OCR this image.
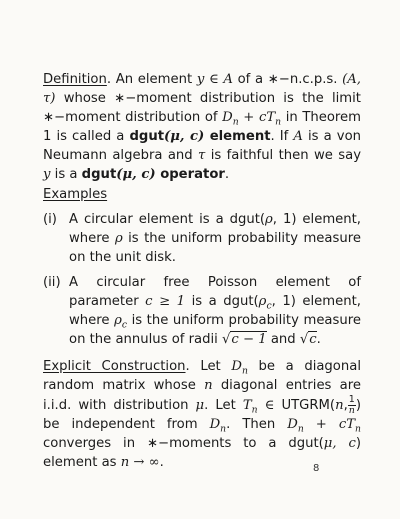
Definition. An element y ∈ A of a ∗−n.c.p.s. (A, τ) whose ∗−moment distribution is the limit ∗−moment distribution of $D_n + cT_n$ in Theorem 1 is called a dgut(μ, c) element. If A is a von Neumann algebra and τ is faithful then we say y is a dgut(μ, c) operator.

Examples

(i) A circular element is a dgut(ρ, 1) element, where ρ is the uniform probability measure on the unit disk.
(ii) A circular free Poisson element of parameter c ≥ 1 is a $dgut(\rho_c$, 1) element, where $\rho_c$ is the uniform probability measure on the annulus of radii √c − 1 and √c.

Explicit Construction. Let $D_n$ be a diagonal random matrix whose n diagonal entries are i.i.d. with distribution μ. Let $T_n$ ∈ UTGRM(n, $\frac{1}{n}$ ) be independent from $D_n$. Then $D_n + cT_n$ converges in ∗−moments to a dgut(μ, c) element as n → ∞.	8
